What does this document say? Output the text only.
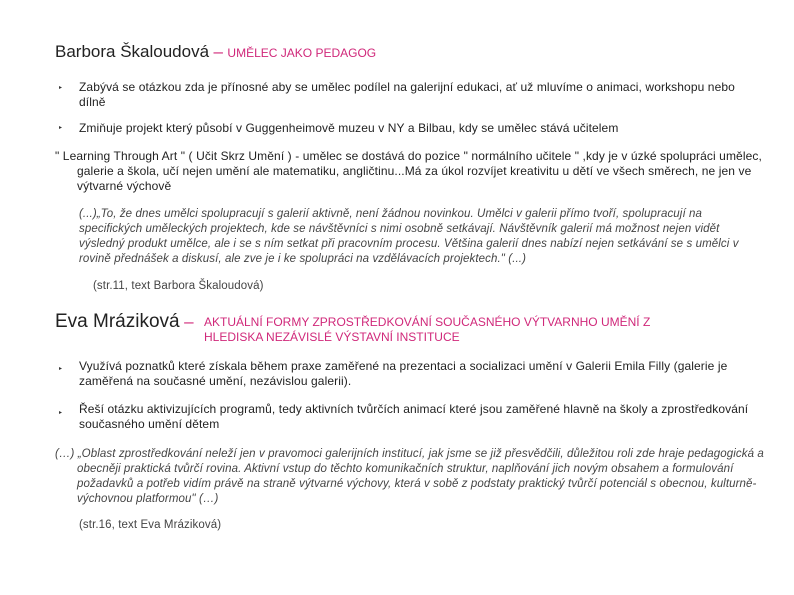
Barbora Škaloudová – UMĚLEC JAKO PEDAGOG
▸
Zabývá se otázkou zda je přínosné aby se umělec podílel na galerijní edukaci, ať už mluvíme o animaci, workshopu nebo dílně
▸
Zmiňuje projekt který působí v Guggenheimově muzeu v NY a Bilbau, kdy se umělec stává učitelem
" Learning Through Art " ( Učit Skrz Umění ) - umělec se dostává do pozice " normálního učitele " ,kdy je v úzké spolupráci umělec, galerie a škola, učí nejen umění ale matematiku, angličtinu...Má za úkol rozvíjet kreativitu u dětí ve všech směrech, ne jen ve výtvarné výchově
(...)„To, že dnes umělci spolupracují s galerií aktivně, není žádnou novinkou. Umělci v galerii přímo tvoří, spolupracují na specifických uměleckých projektech, kde se návštěvníci s nimi osobně setkávají. Návštěvník galerií má možnost nejen vidět výsledný produkt umělce, ale i se s ním setkat při pracovním procesu. Většina galerií dnes nabízí nejen setkávání se s umělci v rovině přednášek a diskusí, ale zve je i ke spolupráci na vzdělávacích projektech." (...)
(str.11, text Barbora Škaloudová)
Eva Mráziková – AKTUÁLNÍ FORMY ZPROSTŘEDKOVÁNÍ SOUČASNÉHO VÝTVARNHO UMĚNÍ Z HLEDISKA NEZÁVISLÉ VÝSTAVNÍ INSTITUCE
▸
Využívá poznatků které získala během praxe zaměřené na prezentaci a socializaci umění v Galerii Emila Filly (galerie je zaměřená na současné umění, nezávislou galerii).
▸
Řeší otázku aktivizujících programů, tedy aktivních tvůrčích animací které jsou zaměřené hlavně na školy a zprostředkování současného umění dětem
(…) „Oblast zprostředkování neleží jen v pravomoci galerijních institucí, jak jsme se již přesvědčili, důležitou roli zde hraje pedagogická a obecněji praktická tvůrčí rovina. Aktivní vstup do těchto komunikačních struktur, naplňování jich novým obsahem a formulování požadavků a potřeb vidím právě na straně výtvarné výchovy, která v sobě z podstaty praktický tvůrčí potenciál s obecnou, kulturně-výchovnou platformou" (…)
(str.16, text Eva Mráziková)
